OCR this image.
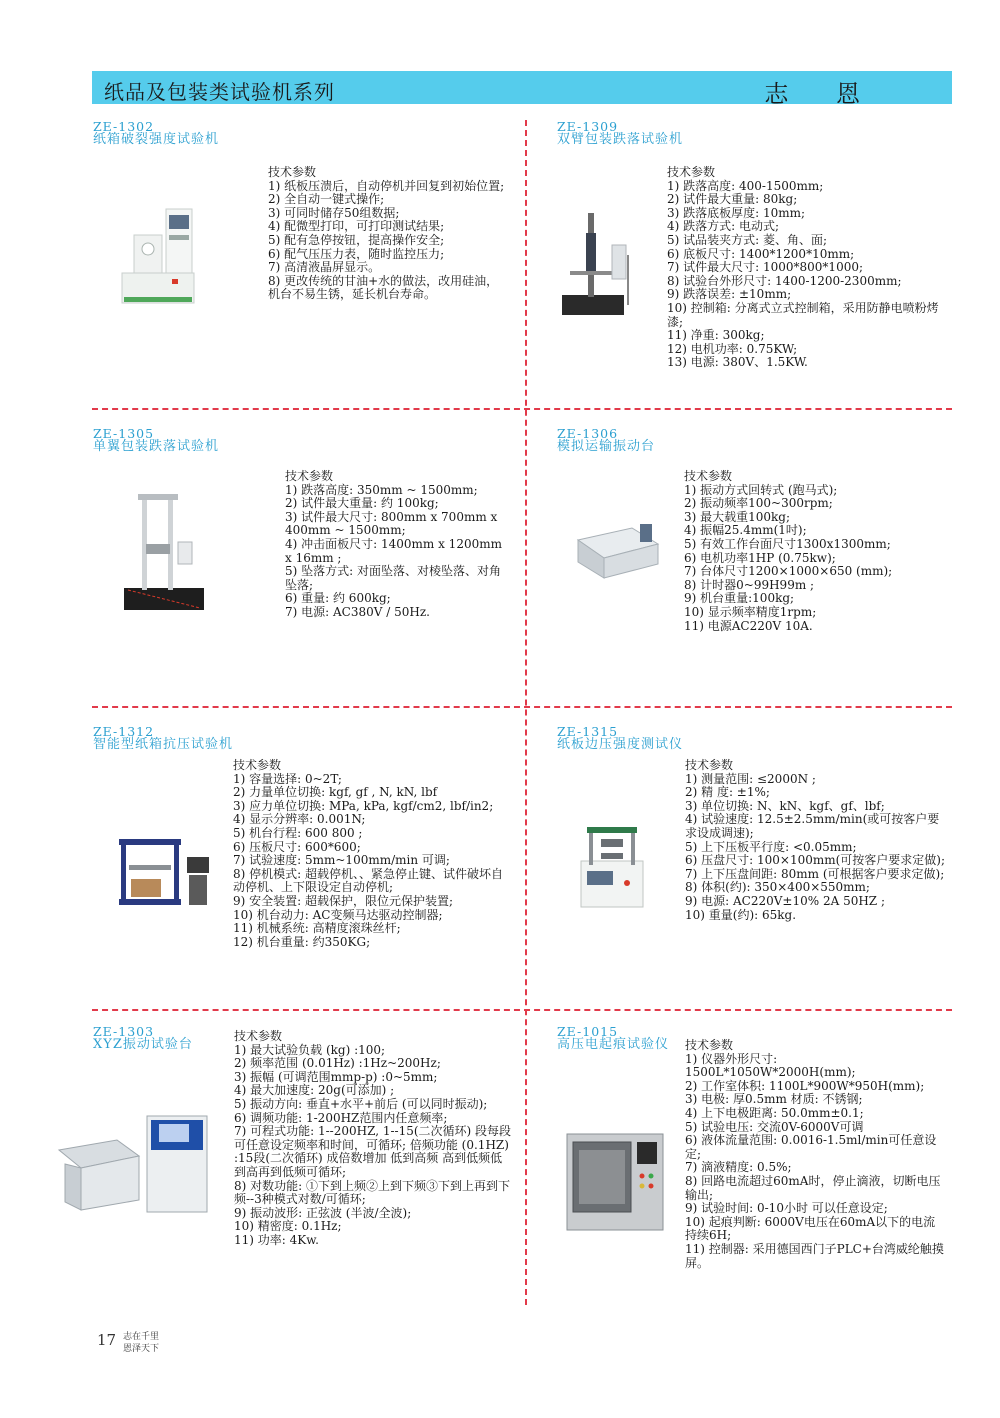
纸品及包装类试验机系列	志 恩
ZE-1302
纸箱破裂强度试验机
技术参数
1) 纸板压溃后，自动停机并回复到初始位置;
2) 全自动一键式操作;
3) 可同时储存50组数据;
4) 配微型打印，可打印测试结果;
5) 配有急停按钮，提高操作安全;
6) 配气压压力表，随时监控压力;
7) 高清液晶屏显示。
8) 更改传统的甘油+水的做法，改用硅油，机台不易生锈，延长机台寿命。
ZE-1309
双臂包装跌落试验机
技术参数
1) 跌落高度: 400-1500mm;
2) 试件最大重量: 80kg;
3) 跌落底板厚度: 10mm;
4) 跌落方式: 电动式;
5) 试品装夹方式: 菱、角、面;
6) 底板尺寸: 1400*1200*10mm;
7) 试件最大尺寸: 1000*800*1000;
8) 试验台外形尺寸: 1400-1200-2300mm;
9) 跌落误差: ±10mm;
10) 控制箱: 分离式立式控制箱，采用防静电喷粉烤漆;
11) 净重: 300kg;
12) 电机功率: 0.75KW;
13) 电源: 380V、1.5KW.
ZE-1305
单翼包装跌落试验机
技术参数
1) 跌落高度: 350mm ~ 1500mm;
2) 试件最大重量: 约 100kg;
3) 试件最大尺寸: 800mm x 700mm x 400mm ~ 1500mm;
4) 冲击面板尺寸: 1400mm x 1200mm x 16mm ;
5) 坠落方式: 对面坠落、对棱坠落、对角坠落;
6) 重量: 约 600kg;
7) 电源: AC380V / 50Hz.
ZE-1306
模拟运输振动台
技术参数
1) 振动方式回转式 (跑马式);
2) 振动频率100~300rpm;
3) 最大载重100kg;
4) 振幅25.4mm(1吋);
5) 有效工作台面尺寸1300x1300mm;
6) 电机功率1HP (0.75kw);
7) 台体尺寸1200×1000×650 (mm);
8) 计时器0~99H99m ;
9) 机台重量:100kg;
10) 显示频率精度1rpm;
11) 电源AC220V 10A.
ZE-1312
智能型纸箱抗压试验机
技术参数
1) 容量选择: 0~2T;
2) 力量单位切换: kgf, gf , N, kN, lbf
3) 应力单位切换: MPa, kPa, kgf/cm2, lbf/in2;
4) 显示分辨率: 0.001N;
5) 机台行程: 600 800 ;
6) 压板尺寸: 600*600;
7) 试验速度: 5mm~100mm/min 可调;
8) 停机模式: 超载停机、、紧急停止键、试件破坏自动停机、上下限设定自动停机;
9) 安全装置: 超载保护，限位元保护装置;
10) 机台动力: AC变频马达驱动控制器;
11) 机械系统: 高精度滚珠丝杆;
12) 机台重量: 约350KG;
ZE-1315
纸板边压强度测试仪
技术参数
1) 测量范围: ≤2000N ;
2) 精 度: ±1%;
3) 单位切换: N、kN、kgf、gf、lbf;
4) 试验速度: 12.5±2.5mm/min(或可按客户要求设成调速);
5) 上下压板平行度: <0.05mm;
6) 压盘尺寸: 100×100mm(可按客户要求定做);
7) 上下压盘间距: 80mm (可根据客户要求定做);
8) 体积(约): 350×400×550mm;
9) 电源: AC220V±10% 2A 50HZ ;
10) 重量(约): 65kg.
ZE-1303
XYZ振动试验台
技术参数
1) 最大试验负载 (kg) :100;
2) 频率范围 (0.01Hz) :1Hz~200Hz;
3) 振幅 (可调范围mmp-p) :0~5mm;
4) 最大加速度: 20g(可添加) ;
5) 振动方向: 垂直+水平+前后 (可以同时振动);
6) 调频功能: 1-200HZ范围内任意频率;
7) 可程式功能: 1--200HZ, 1--15(二次循环) 段每段可任意设定频率和时间，可循环; 倍频功能 (0.1HZ) :15段(二次循环) 成倍数增加 低到高频 高到低频低到高再到低频可循环;
8) 对数功能: ①下到上频②上到下频③下到上再到下频--3种模式对数/可循环;
9) 振动波形: 正弦波 (半波/全波);
10) 精密度: 0.1Hz;
11) 功率: 4Kw.
ZE-1015
高压电起痕试验仪 技术参数
1) 仪器外形尺寸: 1500L*1050W*2000H(mm);
2) 工作室体积: 1100L*900W*950H(mm);
3) 电极: 厚0.5mm 材质: 不锈钢;
4) 上下电极距离: 50.0mm±0.1;
5) 试验电压: 交流0V-6000V可调
6) 液体流量范围: 0.0016-1.5ml/min可任意设定;
7) 滴液精度: 0.5%;
8) 回路电流超过60mA时，停止滴液，切断电压输出;
9) 试验时间: 0-10小时 可以任意设定;
10) 起痕判断: 6000V电压在60mA以下的电流持续6H;
11) 控制器: 采用德国西门子PLC+台湾威纶触摸屏。
17 志在千里
恩泽天下
